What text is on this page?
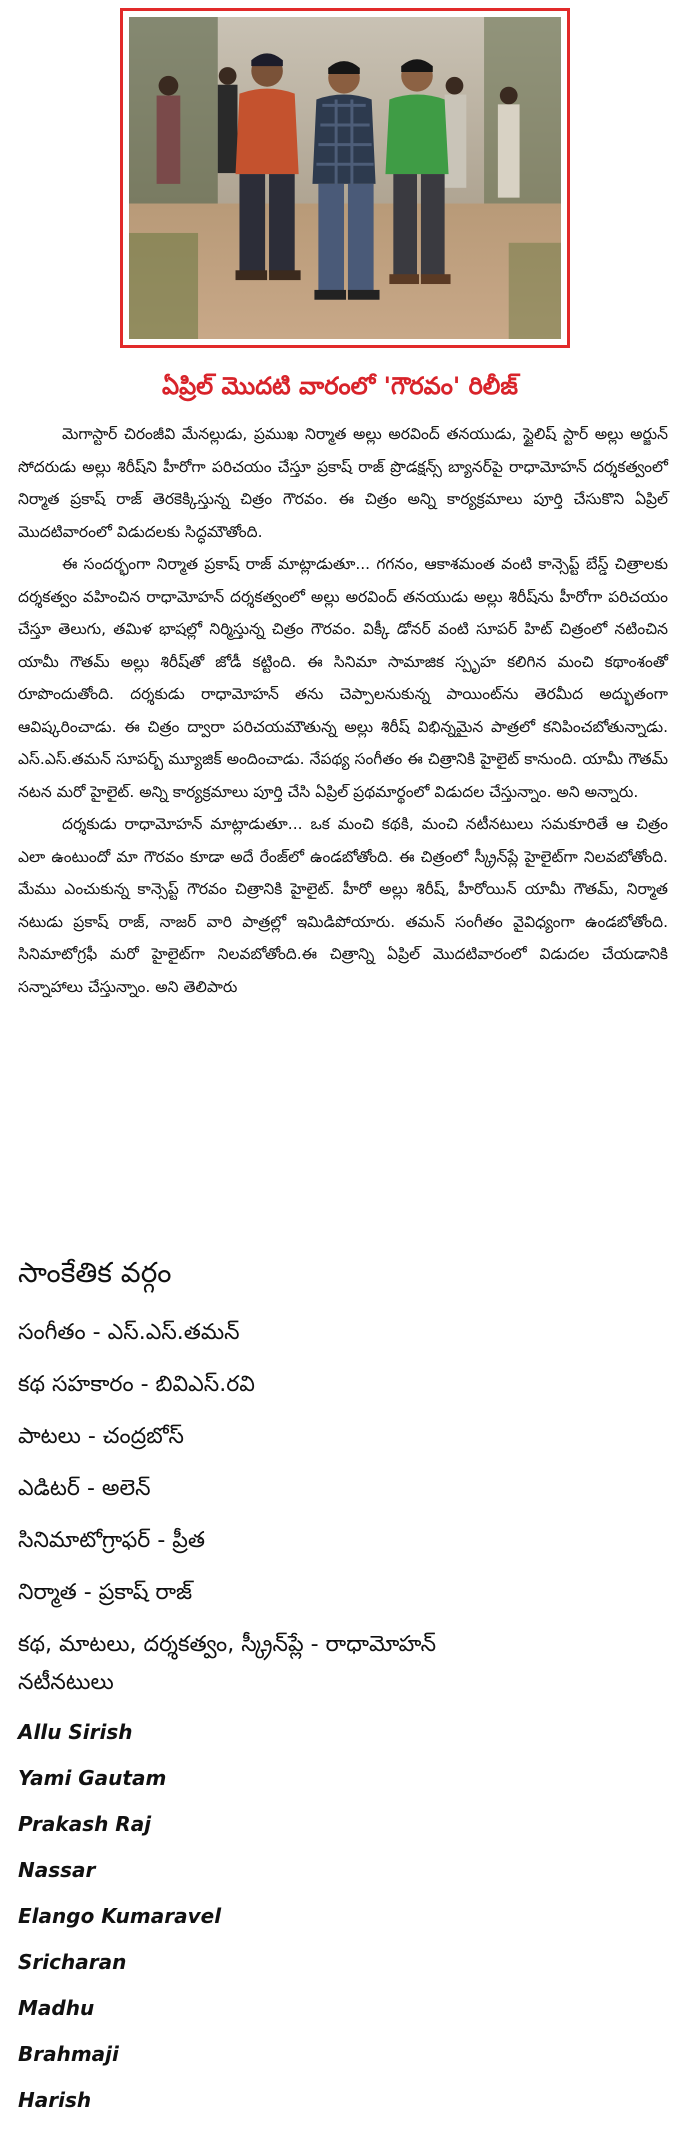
ఏప్రిల్ మొదటి వారంలో 'గౌరవం' రిలీజ్

మెగాస్టార్ చిరంజీవి మేనల్లుడు, ప్రముఖ నిర్మాత అల్లు అరవింద్ తనయుడు, స్టైలిష్ స్టార్ అల్లు అర్జున్ సోదరుడు అల్లు శిరీష్‌ని హీరోగా పరిచయం చేస్తూ ప్రకాష్ రాజ్ ప్రొడక్షన్స్ బ్యానర్‌పై రాధామోహన్ దర్శకత్వంలో నిర్మాత ప్రకాష్ రాజ్ తెరకెక్కిస్తున్న చిత్రం గౌరవం. ఈ చిత్రం అన్ని కార్యక్రమాలు పూర్తి చేసుకొని ఏప్రిల్ మొదటివారంలో విడుదలకు సిద్ధమౌతోంది.

ఈ సందర్భంగా నిర్మాత ప్రకాష్ రాజ్ మాట్లాడుతూ... గగనం, ఆకాశమంత వంటి కాన్సెప్ట్ బేస్డ్ చిత్రాలకు దర్శకత్వం వహించిన రాధామోహన్ దర్శకత్వంలో అల్లు అరవింద్ తనయుడు అల్లు శిరీష్‌ను హీరోగా పరిచయం చేస్తూ తెలుగు, తమిళ భాషల్లో నిర్మిస్తున్న చిత్రం గౌరవం. విక్కీ డోనర్ వంటి సూపర్ హిట్ చిత్రంలో నటించిన యామీ గౌతమ్ అల్లు శిరీష్‌తో జోడీ కట్టింది. ఈ సినిమా సామాజిక స్పృహ కలిగిన మంచి కథాంశంతో రూపొందుతోంది. దర్శకుడు రాధామోహన్ తను చెప్పాలనుకున్న పాయింట్‌ను తెరమీద అద్భుతంగా ఆవిష్కరించాడు. ఈ చిత్రం ద్వారా పరిచయమౌతున్న అల్లు శిరీష్ విభిన్నమైన పాత్రలో కనిపించబోతున్నాడు. ఎస్.ఎస్.తమన్ సూపర్బ్ మ్యూజిక్ అందించాడు. నేపథ్య సంగీతం ఈ చిత్రానికి హైలైట్ కానుంది. యామీ గౌతమ్ నటన మరో హైలైట్. అన్ని కార్యక్రమాలు పూర్తి చేసి ఏప్రిల్ ప్రథమార్థంలో విడుదల చేస్తున్నాం. అని అన్నారు.

దర్శకుడు రాధామోహన్ మాట్లాడుతూ... ఒక మంచి కథకి, మంచి నటీనటులు సమకూరితే ఆ చిత్రం ఎలా ఉంటుందో మా గౌరవం కూడా అదే రేంజ్‌లో ఉండబోతోంది. ఈ చిత్రంలో స్క్రీన్‌ప్లే హైలైట్‌గా నిలవబోతోంది. మేము ఎంచుకున్న కాన్సెప్ట్ గౌరవం చిత్రానికి హైలైట్. హీరో అల్లు శిరీష్, హీరోయిన్ యామీ గౌతమ్, నిర్మాత నటుడు ప్రకాష్ రాజ్, నాజర్ వారి పాత్రల్లో ఇమిడిపోయారు. తమన్ సంగీతం వైవిధ్యంగా ఉండబోతోంది. సినిమాటోగ్రఫీ మరో హైలైట్‌గా నిలవబోతోంది.ఈ చిత్రాన్ని ఏప్రిల్ మొదటివారంలో విడుదల చేయడానికి సన్నాహాలు చేస్తున్నాం. అని తెలిపారు

సాంకేతిక వర్గం
సంగీతం - ఎస్.ఎస్.తమన్
కథ సహకారం - బివిఎస్.రవి
పాటలు - చంద్రబోస్
ఎడిటర్ - అలెన్
సినిమాటోగ్రాఫర్ - ప్రీత
నిర్మాత - ప్రకాష్ రాజ్
కథ, మాటలు, దర్శకత్వం, స్క్రీన్‌ప్లే - రాధామోహన్
నటీనటులు
Allu Sirish
Yami Gautam
Prakash Raj
Nassar
Elango Kumaravel
Sricharan
Madhu
Brahmaji
Harish
